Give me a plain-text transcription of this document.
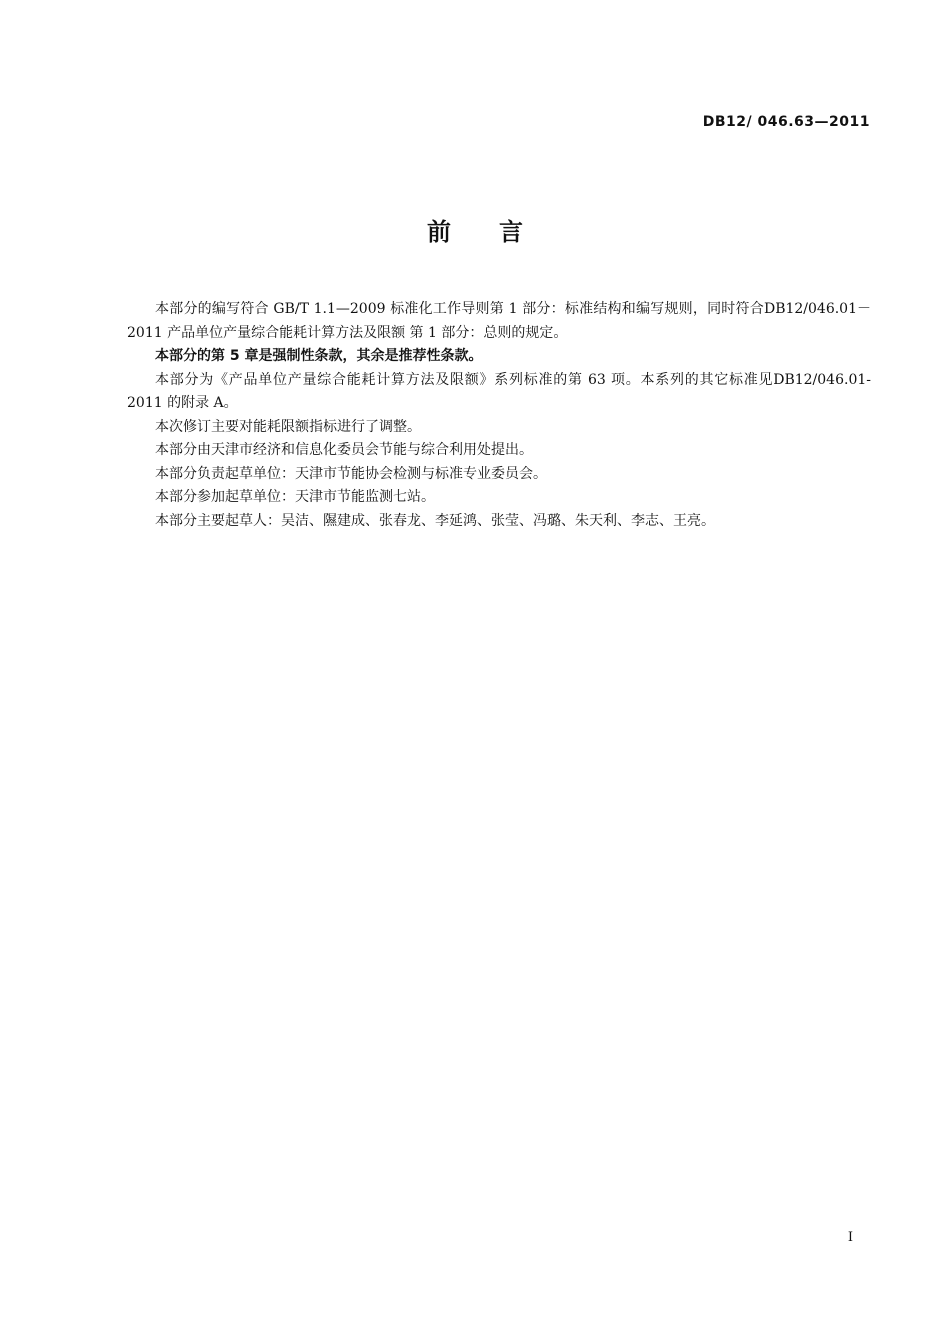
DB12/ 046.63—2011
前言

本部分的编写符合 GB/T 1.1—2009 标准化工作导则第 1 部分：标准结构和编写规则，同时符合DB12/046.01－2011 产品单位产量综合能耗计算方法及限额 第 1 部分：总则的规定。

本部分的第 5 章是强制性条款，其余是推荐性条款。

本部分为《产品单位产量综合能耗计算方法及限额》系列标准的第 63 项。本系列的其它标准见DB12/046.01-2011 的附录 A。

本次修订主要对能耗限额指标进行了调整。

本部分由天津市经济和信息化委员会节能与综合利用处提出。

本部分负责起草单位：天津市节能协会检测与标准专业委员会。

本部分参加起草单位：天津市节能监测七站。

本部分主要起草人：吴洁、隰建成、张春龙、李延鸿、张莹、冯璐、朱天利、李志、王亮。

I
